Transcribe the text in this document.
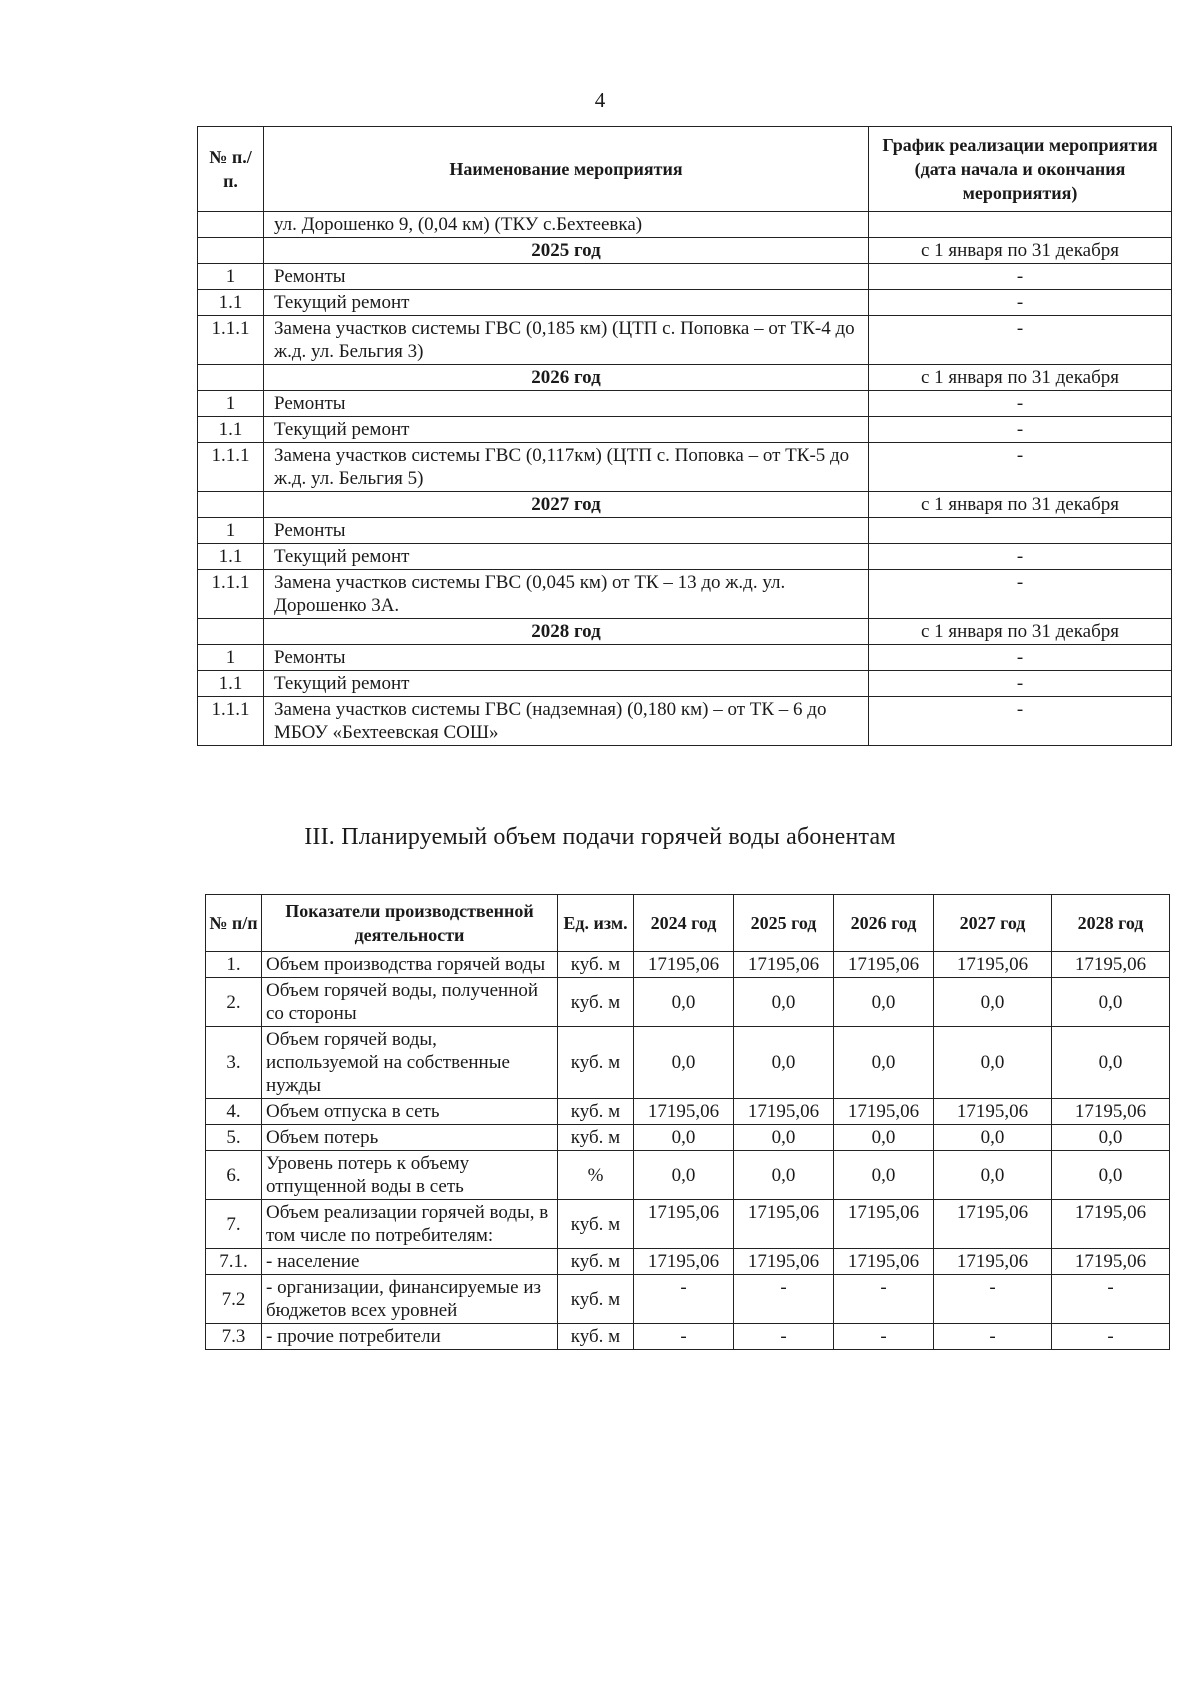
4
№ п./п.	Наименование мероприятия	График реализации мероприятия (дата начала и окончания мероприятия)
	ул. Дорошенко 9, (0,04 км) (ТКУ с.Бехтеевка)	
	2025 год	с 1 января по 31 декабря
1	Ремонты	-
1.1	Текущий ремонт	-
1.1.1	Замена участков системы ГВС (0,185 км) (ЦТП с. Поповка – от ТК-4 до ж.д. ул. Бельгия 3)	-
	2026 год	с 1 января по 31 декабря
1	Ремонты	-
1.1	Текущий ремонт	-
1.1.1	Замена участков системы ГВС (0,117км) (ЦТП с. Поповка – от ТК-5 до ж.д. ул. Бельгия 5)	-
	2027 год	с 1 января по 31 декабря
1	Ремонты	
1.1	Текущий ремонт	-
1.1.1	Замена участков системы ГВС (0,045 км) от ТК – 13 до ж.д. ул. Дорошенко 3А.	-
	2028 год	с 1 января по 31 декабря
1	Ремонты	-
1.1	Текущий ремонт	-
1.1.1	Замена участков системы ГВС (надземная) (0,180 км) – от ТК – 6 до МБОУ «Бехтеевская СОШ»	-
III. Планируемый объем подачи горячей воды абонентам
№ п/п	Показатели производственной деятельности	Ед. изм.	2024 год	2025 год	2026 год	2027 год	2028 год
1.	Объем производства горячей воды	куб. м	17195,06	17195,06	17195,06	17195,06	17195,06
2.	Объем горячей воды, полученной со стороны	куб. м	0,0	0,0	0,0	0,0	0,0
3.	Объем горячей воды, используемой на собственные нужды	куб. м	0,0	0,0	0,0	0,0	0,0
4.	Объем отпуска в сеть	куб. м	17195,06	17195,06	17195,06	17195,06	17195,06
5.	Объем потерь	куб. м	0,0	0,0	0,0	0,0	0,0
6.	Уровень потерь к объему отпущенной воды в сеть	%	0,0	0,0	0,0	0,0	0,0
7.	Объем реализации горячей воды, в том числе по потребителям:	куб. м	17195,06	17195,06	17195,06	17195,06	17195,06
7.1.	- население	куб. м	17195,06	17195,06	17195,06	17195,06	17195,06
7.2	- организации, финансируемые из бюджетов всех уровней	куб. м	-	-	-	-	-
7.3	- прочие потребители	куб. м	-	-	-	-	-
